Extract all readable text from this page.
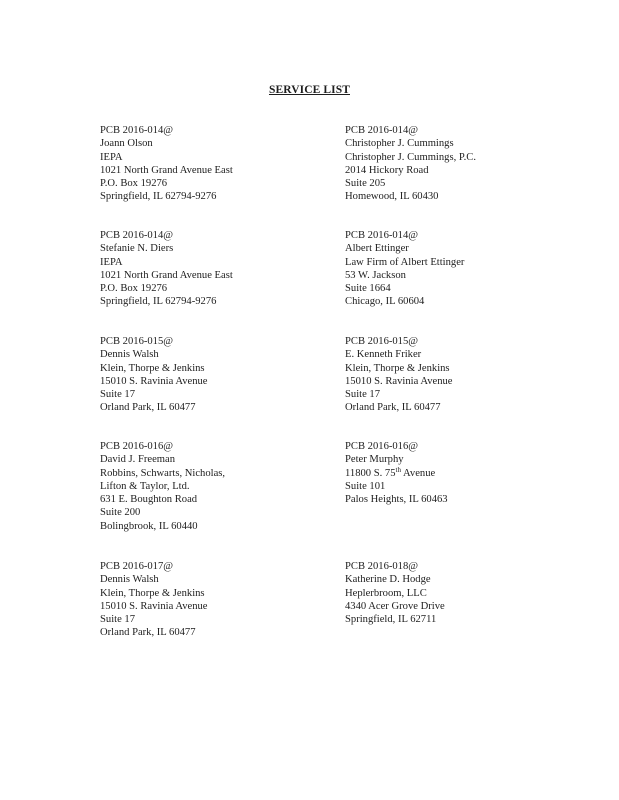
SERVICE LIST
PCB 2016-014@
Joann Olson
IEPA
1021 North Grand Avenue East
P.O. Box 19276
Springfield, IL 62794-9276
PCB 2016-014@
Stefanie N. Diers
IEPA
1021 North Grand Avenue East
P.O. Box 19276
Springfield, IL 62794-9276
PCB 2016-015@
Dennis Walsh
Klein, Thorpe & Jenkins
15010 S. Ravinia Avenue
Suite 17
Orland Park, IL 60477
PCB 2016-016@
David J. Freeman
Robbins, Schwarts, Nicholas,
Lifton & Taylor, Ltd.
631 E. Boughton Road
Suite 200
Bolingbrook, IL 60440
PCB 2016-017@
Dennis Walsh
Klein, Thorpe & Jenkins
15010 S. Ravinia Avenue
Suite 17
Orland Park, IL 60477
PCB 2016-014@
Christopher J. Cummings
Christopher J. Cummings, P.C.
2014 Hickory Road
Suite 205
Homewood, IL 60430
PCB 2016-014@
Albert Ettinger
Law Firm of Albert Ettinger
53 W. Jackson
Suite 1664
Chicago, IL 60604
PCB 2016-015@
E. Kenneth Friker
Klein, Thorpe & Jenkins
15010 S. Ravinia Avenue
Suite 17
Orland Park, IL 60477
PCB 2016-016@
Peter Murphy
11800 S. 75th Avenue
Suite 101
Palos Heights, IL 60463
PCB 2016-018@
Katherine D. Hodge
Heplerbroom, LLC
4340 Acer Grove Drive
Springfield, IL 62711
